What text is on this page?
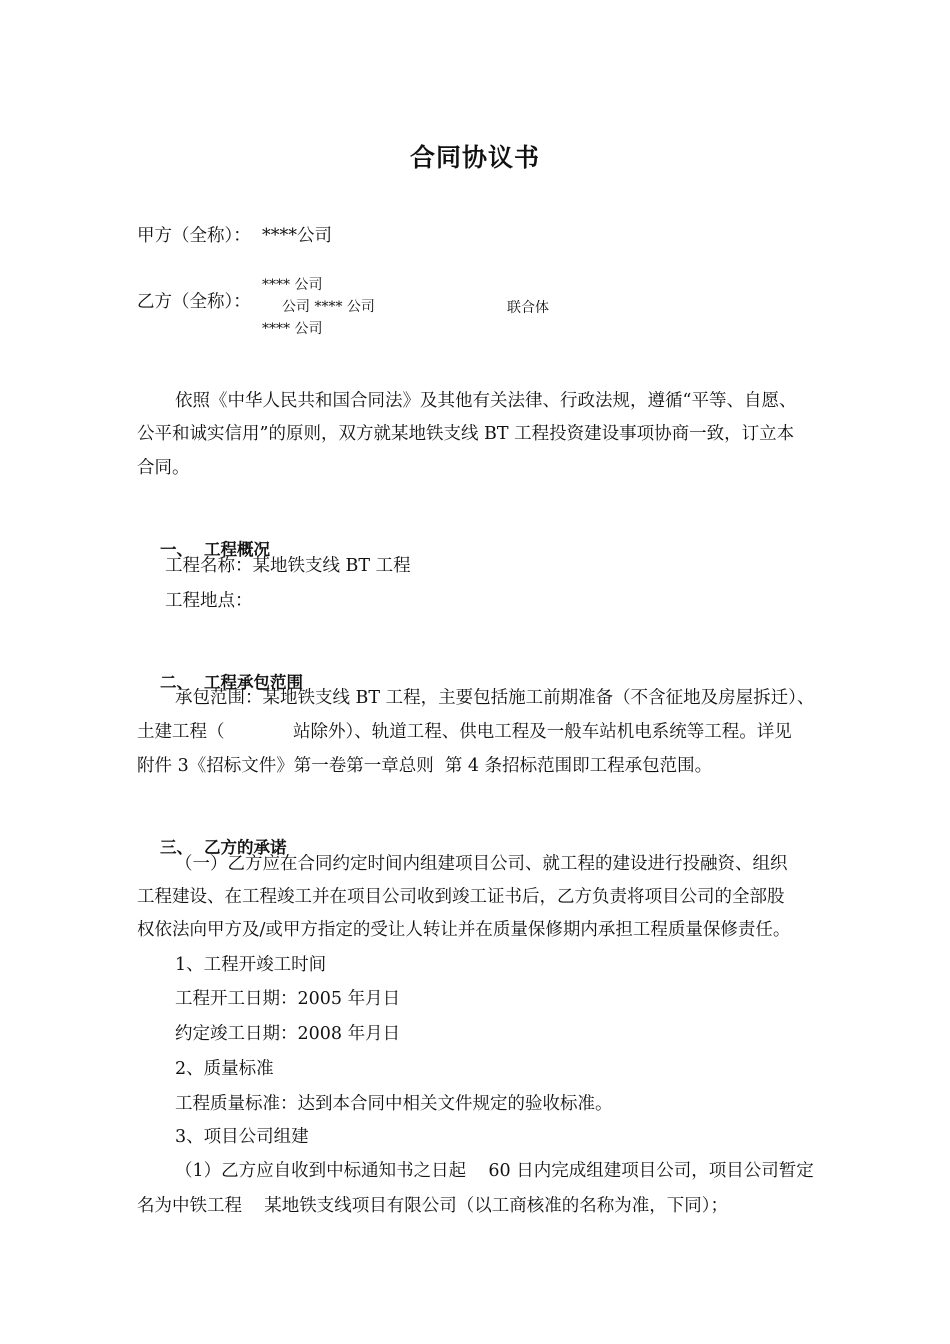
合同协议书
甲方（全称）： ****公司
乙方（全称）：
**** 公司
公司 **** 公司
**** 公司
联合体
依照《中华人民共和国合同法》及其他有关法律、行政法规，遵循“平等、自愿、
公平和诚实信用”的原则，双方就某地铁支线 BT 工程投资建设事项协商一致，订立本
合同。

一、 工程概况

工程名称：某地铁支线 BT 工程
工程地点：

二、 工程承包范围

承包范围：某地铁支线 BT 工程，主要包括施工前期准备（不含征地及房屋拆迁）、
土建工程（	站除外）、轨道工程、供电工程及一般车站机电系统等工程。详见
附件 3《招标文件》第一卷第一章总则  第 4 条招标范围即工程承包范围。

三、 乙方的承诺

（一）乙方应在合同约定时间内组建项目公司、就工程的建设进行投融资、组织
工程建设、在工程竣工并在项目公司收到竣工证书后，乙方负责将项目公司的全部股
权依法向甲方及/或甲方指定的受让人转让并在质量保修期内承担工程质量保修责任。
1、工程开竣工时间
工程开工日期：2005 年月日
约定竣工日期：2008 年月日
2、质量标准
工程质量标准：达到本合同中相关文件规定的验收标准。
3、项目公司组建
（1）乙方应自收到中标通知书之日起    60 日内完成组建项目公司，项目公司暂定
名为中铁工程    某地铁支线项目有限公司（以工商核准的名称为准，下同）；
